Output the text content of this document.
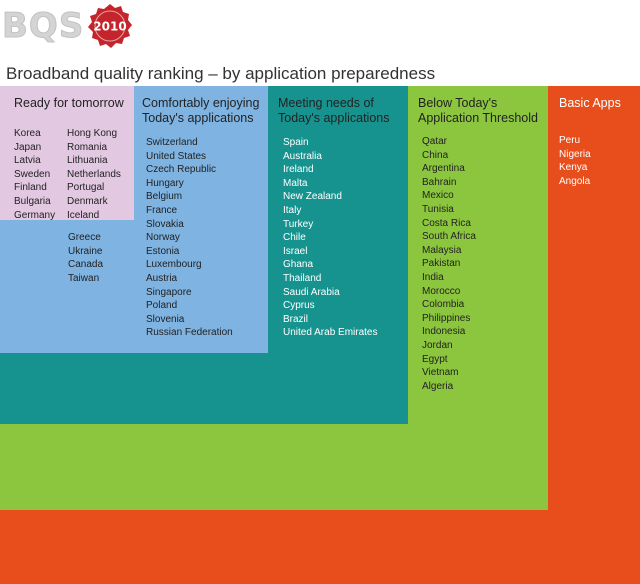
BQS 2010
Broadband quality ranking – by application preparedness
Ready for tomorrow
Korea
Japan
Latvia
Sweden
Finland
Bulgaria
Germany
Hong Kong
Romania
Lithuania
Netherlands
Portugal
Denmark
Iceland
Comfortably enjoying
Today's applications
Greece
Ukraine
Canada
Taiwan
Switzerland
United States
Czech Republic
Hungary
Belgium
France
Slovakia
Norway
Estonia
Luxembourg
Austria
Singapore
Poland
Slovenia
Russian Federation
Meeting needs of
Today's applications
Spain
Australia
Ireland
Malta
New Zealand
Italy
Turkey
Chile
Israel
Ghana
Thailand
Saudi Arabia
Cyprus
Brazil
United Arab Emirates
Below Today's
Application Threshold
Qatar
China
Argentina
Bahrain
Mexico
Tunisia
Costa Rica
South Africa
Malaysia
Pakistan
India
Morocco
Colombia
Philippines
Indonesia
Jordan
Egypt
Vietnam
Algeria
Basic Apps
Peru
Nigeria
Kenya
Angola
